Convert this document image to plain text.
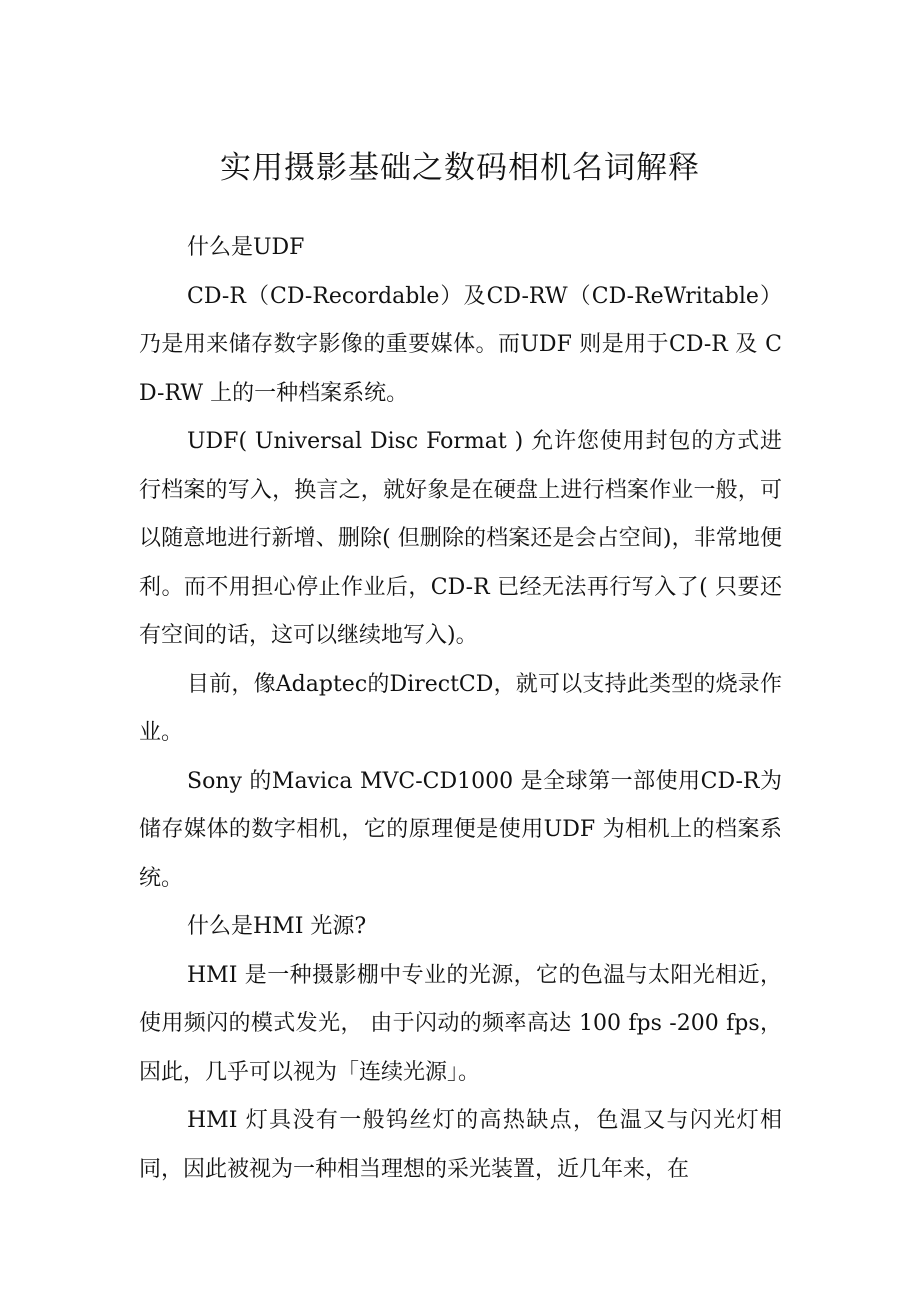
实用摄影基础之数码相机名词解释

什么是UDF

CD-R（CD-Recordable）及CD-RW（CD-ReWritable）乃是用来储存数字影像的重要媒体。而UDF 则是用于CD-R 及 CD-RW 上的一种档案系统。

UDF( Universal Disc Format ) 允许您使用封包的方式进行档案的写入，换言之，就好象是在硬盘上进行档案作业一般，可以随意地进行新增、删除( 但删除的档案还是会占空间)，非常地便利。而不用担心停止作业后，CD-R 已经无法再行写入了( 只要还有空间的话，这可以继续地写入)。

目前，像Adaptec的DirectCD，就可以支持此类型的烧录作业。

Sony 的Mavica MVC-CD1000 是全球第一部使用CD-R为储存媒体的数字相机，它的原理便是使用UDF 为相机上的档案系统。

什么是HMI 光源?

HMI 是一种摄影棚中专业的光源，它的色温与太阳光相近， 使用频闪的模式发光， 由于闪动的频率高达 100 fps -200 fps，因此，几乎可以视为「连续光源」。

HMI 灯具没有一般钨丝灯的高热缺点，色温又与闪光灯相同，因此被视为一种相当理想的采光装置，近几年来，在
